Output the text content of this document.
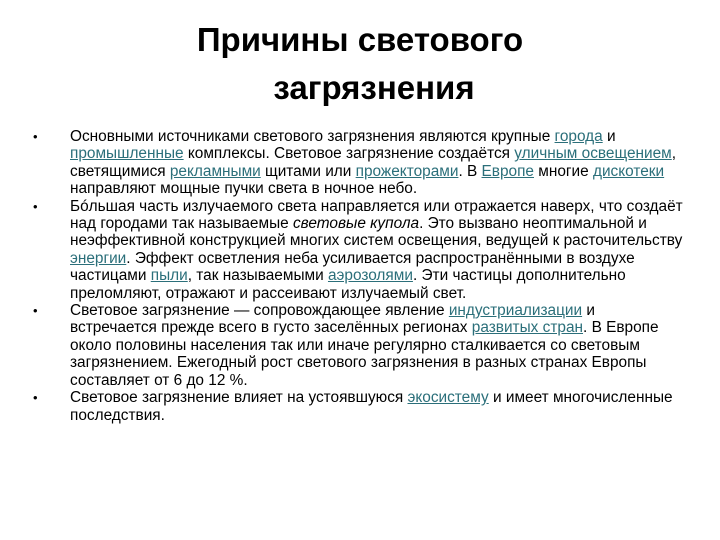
Причины светового
загрязнения
• Основными источниками светового загрязнения являются крупные города и промышленные комплексы. Световое загрязнение создаётся уличным освещением, светящимися рекламными щитами или прожекторами. В Европе многие дискотеки направляют мощные пучки света в ночное небо.
• Бóльшая часть излучаемого света направляется или отражается наверх, что создаёт над городами так называемые световые купола. Это вызвано неоптимальной и неэффективной конструкцией многих систем освещения, ведущей к расточительству энергии. Эффект осветления неба усиливается распространёнными в воздухе частицами пыли, так называемыми аэрозолями. Эти частицы дополнительно преломляют, отражают и рассеивают излучаемый свет.
• Световое загрязнение — сопровождающее явление индустриализации и встречается прежде всего в густо заселённых регионах развитых стран. В Европе около половины населения так или иначе регулярно сталкивается со световым загрязнением. Ежегодный рост светового загрязнения в разных странах Европы составляет от 6 до 12 %.
• Световое загрязнение влияет на устоявшуюся экосистему и имеет многочисленные последствия.
